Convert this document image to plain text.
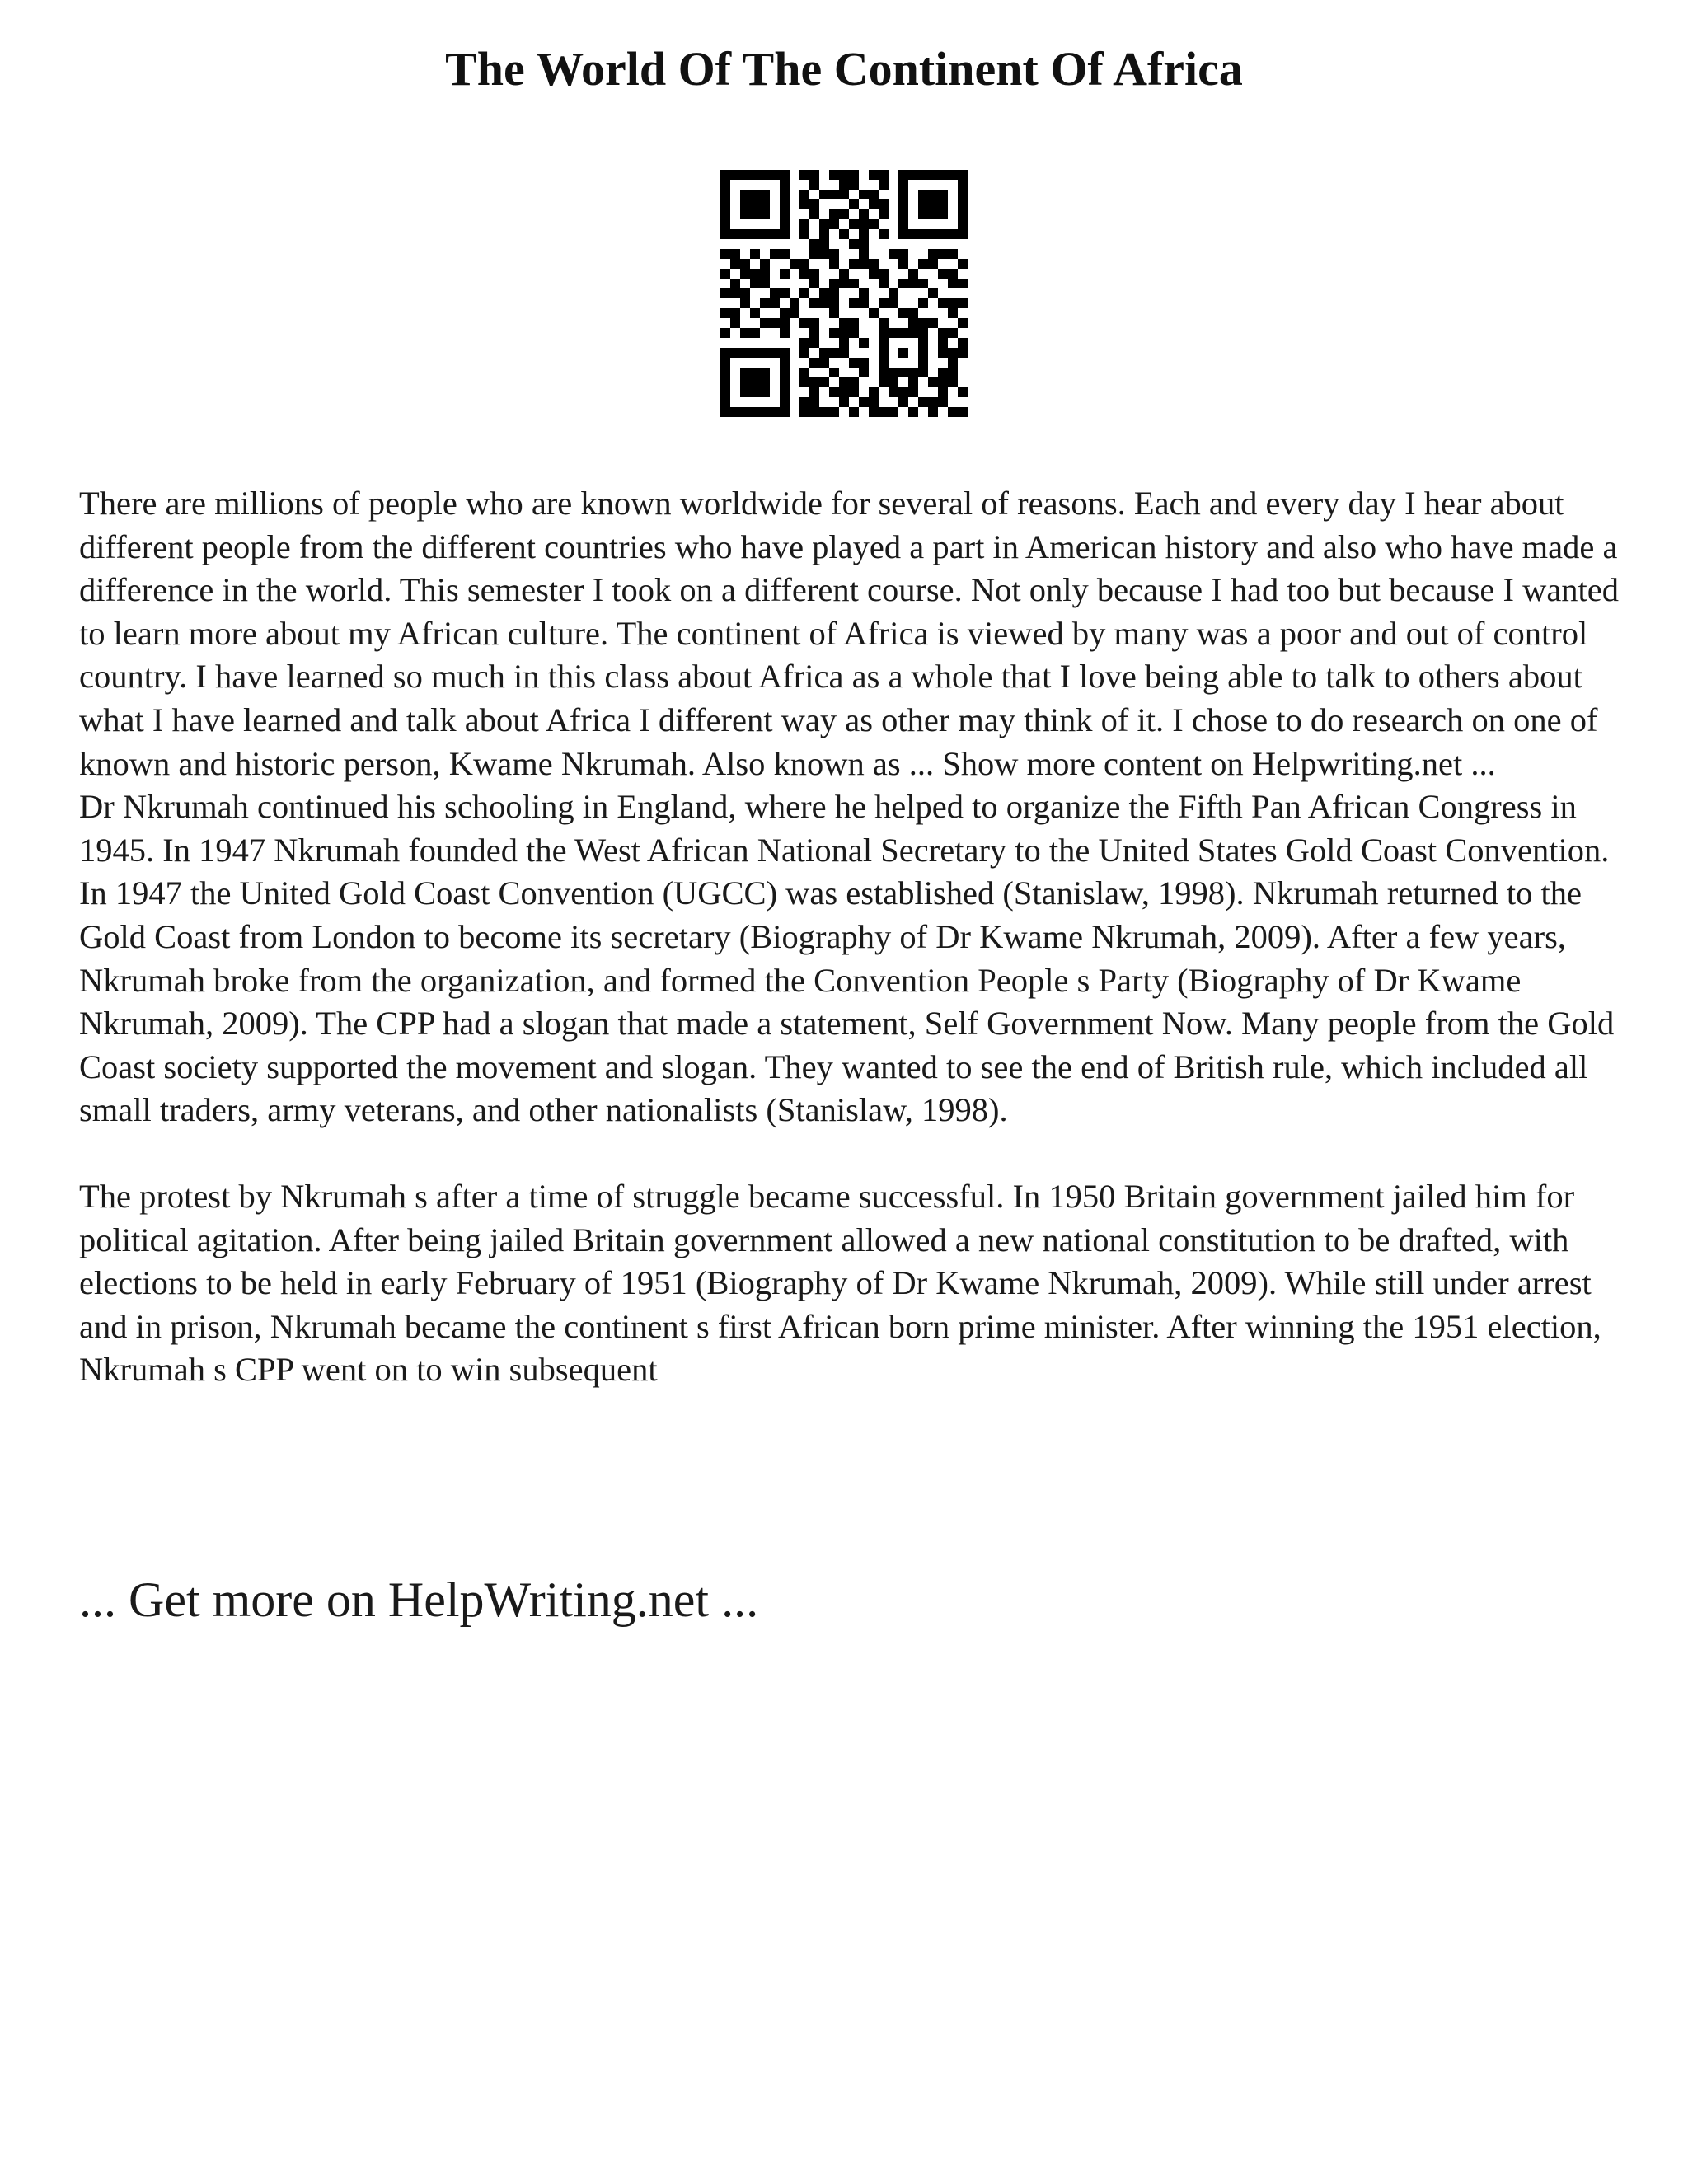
The World Of The Continent Of Africa

There are millions of people who are known worldwide for several of reasons. Each and every day I hear about different people from the different countries who have played a part in American history and also who have made a difference in the world. This semester I took on a different course. Not only because I had too but because I wanted to learn more about my African culture. The continent of Africa is viewed by many was a poor and out of control country. I have learned so much in this class about Africa as a whole that I love being able to talk to others about what I have learned and talk about Africa I different way as other may think of it. I chose to do research on one of known and historic person, Kwame Nkrumah. Also known as ... Show more content on Helpwriting.net ...

Dr Nkrumah continued his schooling in England, where he helped to organize the Fifth Pan African Congress in 1945. In 1947 Nkrumah founded the West African National Secretary to the United States Gold Coast Convention. In 1947 the United Gold Coast Convention (UGCC) was established (Stanislaw, 1998). Nkrumah returned to the Gold Coast from London to become its secretary (Biography of Dr Kwame Nkrumah, 2009). After a few years, Nkrumah broke from the organization, and formed the Convention People s Party (Biography of Dr Kwame Nkrumah, 2009). The CPP had a slogan that made a statement, Self Government Now. Many people from the Gold Coast society supported the movement and slogan. They wanted to see the end of British rule, which included all small traders, army veterans, and other nationalists (Stanislaw, 1998).

The protest by Nkrumah s after a time of struggle became successful. In 1950 Britain government jailed him for political agitation. After being jailed Britain government allowed a new national constitution to be drafted, with elections to be held in early February of 1951 (Biography of Dr Kwame Nkrumah, 2009). While still under arrest and in prison, Nkrumah became the continent s first African born prime minister. After winning the 1951 election, Nkrumah s CPP went on to win subsequent

... Get more on HelpWriting.net ...
